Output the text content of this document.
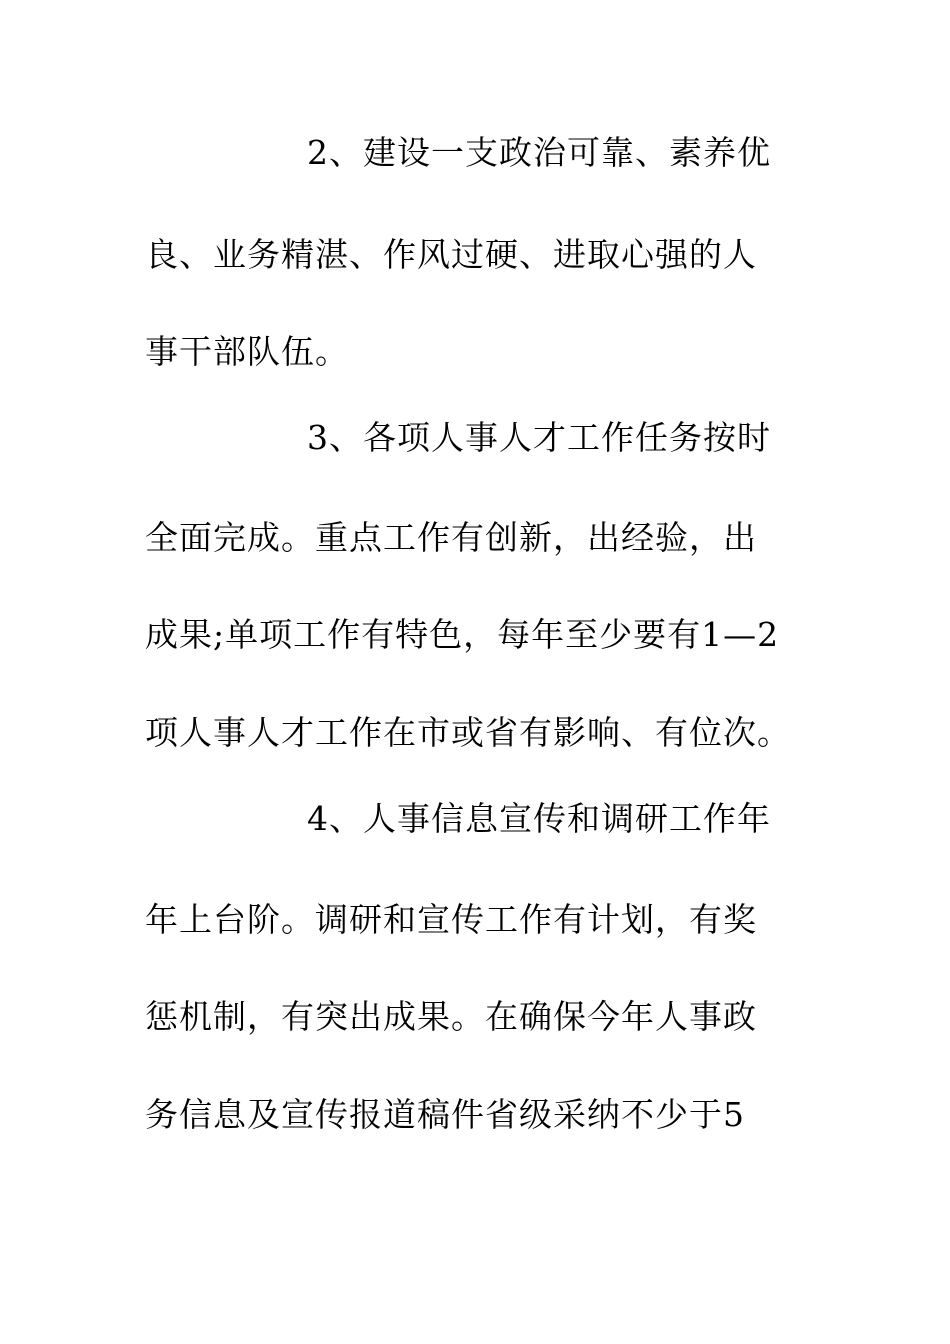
2、建设一支政治可靠、素养优
良、业务精湛、作风过硬、进取心强的人
事干部队伍。
3、各项人事人才工作任务按时
全面完成。重点工作有创新，出经验，出
成果;单项工作有特色，每年至少要有1—2
项人事人才工作在市或省有影响、有位次。
4、人事信息宣传和调研工作年
年上台阶。调研和宣传工作有计划，有奖
惩机制，有突出成果。在确保今年人事政
务信息及宣传报道稿件省级采纳不少于5
